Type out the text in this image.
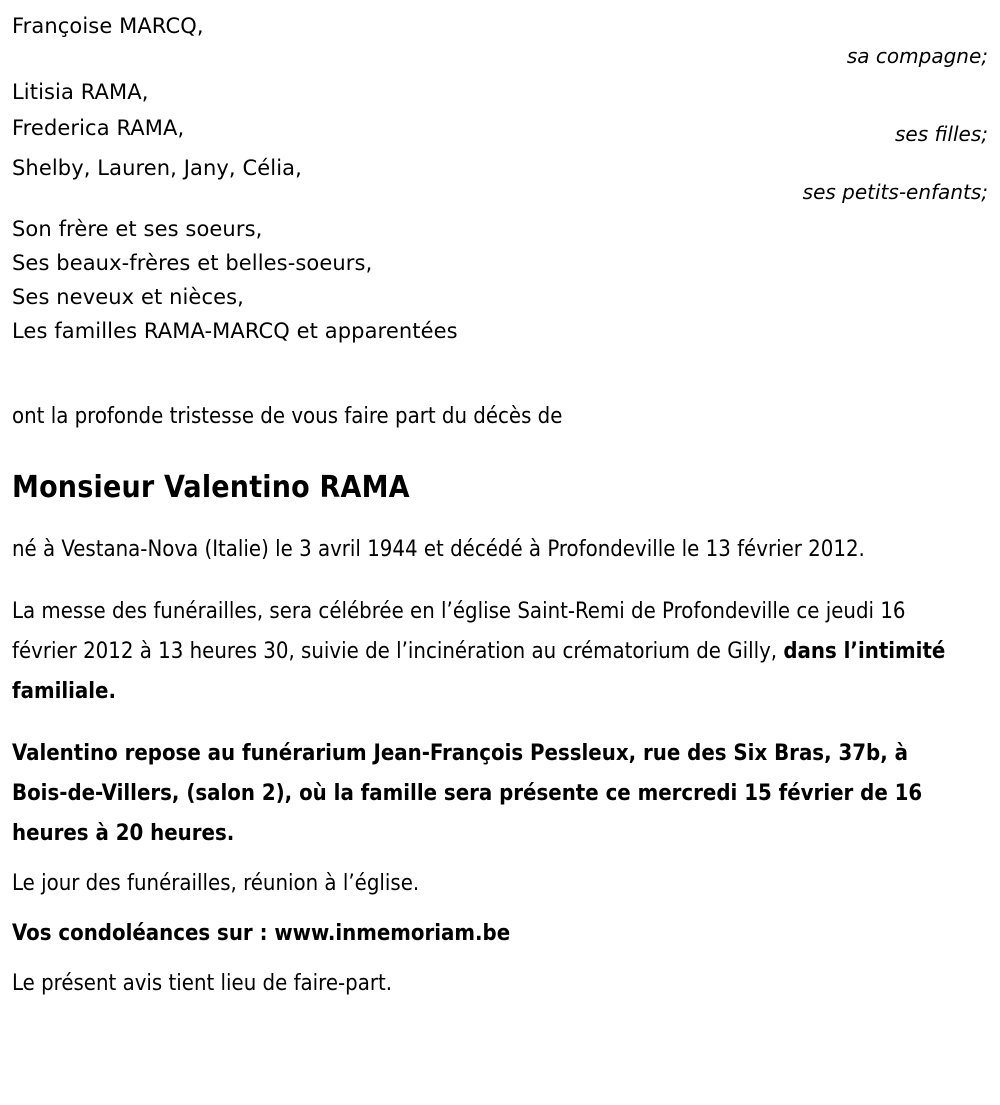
Françoise MARCQ,
sa compagne;
Litisia RAMA,
Frederica RAMA,	ses filles;
Shelby, Lauren, Jany, Célia,
ses petits-enfants;
Son frère et ses soeurs,
Ses beaux-frères et belles-soeurs,
Ses neveux et nièces,
Les familles RAMA-MARCQ et apparentées
ont la profonde tristesse de vous faire part du décès de
Monsieur Valentino RAMA
né à Vestana-Nova (Italie) le 3 avril 1944 et décédé à Profondeville le 13 février 2012.
La messe des funérailles, sera célébrée en l’église Saint-Remi de Profondeville ce jeudi 16 février 2012 à 13 heures 30, suivie de l’incinération au crématorium de Gilly, dans l’intimité familiale.
Valentino repose au funérarium Jean-François Pessleux, rue des Six Bras, 37b, à Bois-de-Villers, (salon 2), où la famille sera présente ce mercredi 15 février de 16 heures à 20 heures.
Le jour des funérailles, réunion à l’église.
Vos condoléances sur : www.inmemoriam.be
Le présent avis tient lieu de faire-part.
